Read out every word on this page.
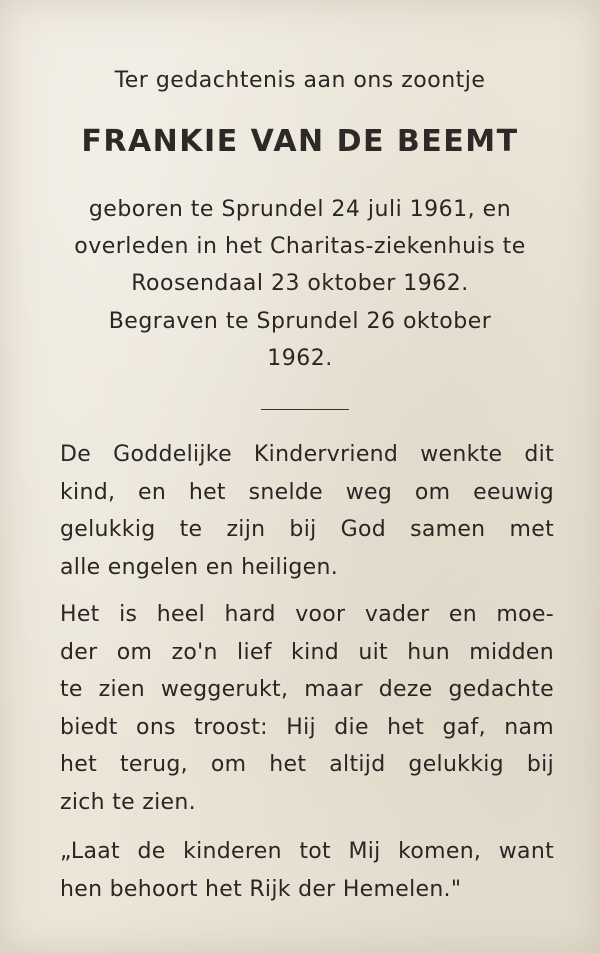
Ter gedachtenis aan ons zoontje
FRANKIE VAN DE BEEMT
geboren te Sprundel 24 juli 1961, en
overleden in het Charitas-ziekenhuis te
Roosendaal 23 oktober 1962.
Begraven te Sprundel 26 oktober
1962.
De Goddelijke Kindervriend wenkte dit
kind, en het snelde weg om eeuwig
gelukkig te zijn bij God samen met
alle engelen en heiligen.
Het is heel hard voor vader en moe-
der om zo'n lief kind uit hun midden
te zien weggerukt, maar deze gedachte
biedt ons troost: Hij die het gaf, nam
het terug, om het altijd gelukkig bij
zich te zien.
„Laat de kinderen tot Mij komen, want
hen behoort het Rijk der Hemelen."
